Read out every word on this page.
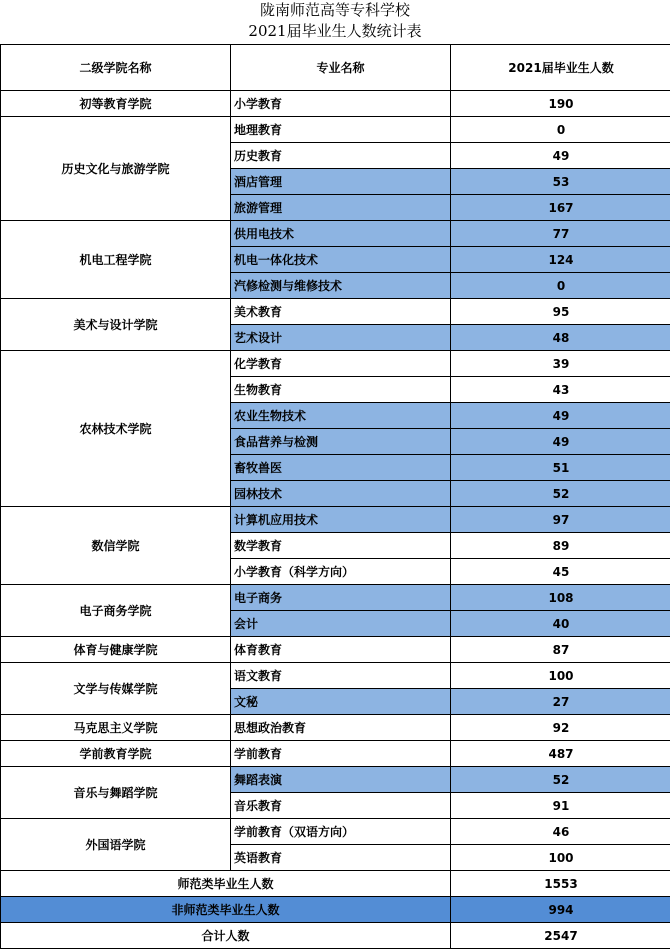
陇南师范高等专科学校
2021届毕业生人数统计表
二级学院名称	专业名称	2021届毕业生人数
初等教育学院	小学教育	190
历史文化与旅游学院	地理教育	0
	历史教育	49
	酒店管理	53
	旅游管理	167
机电工程学院	供用电技术	77
	机电一体化技术	124
	汽修检测与维修技术	0
美术与设计学院	美术教育	95
	艺术设计	48
农林技术学院	化学教育	39
	生物教育	43
	农业生物技术	49
	食品营养与检测	49
	畜牧兽医	51
	园林技术	52
数信学院	计算机应用技术	97
	数学教育	89
	小学教育（科学方向）	45
电子商务学院	电子商务	108
	会计	40
体育与健康学院	体育教育	87
文学与传媒学院	语文教育	100
	文秘	27
马克思主义学院	思想政治教育	92
学前教育学院	学前教育	487
音乐与舞蹈学院	舞蹈表演	52
	音乐教育	91
外国语学院	学前教育（双语方向）	46
	英语教育	100
师范类毕业生人数		1553
非师范类毕业生人数		994
合计人数		2547
